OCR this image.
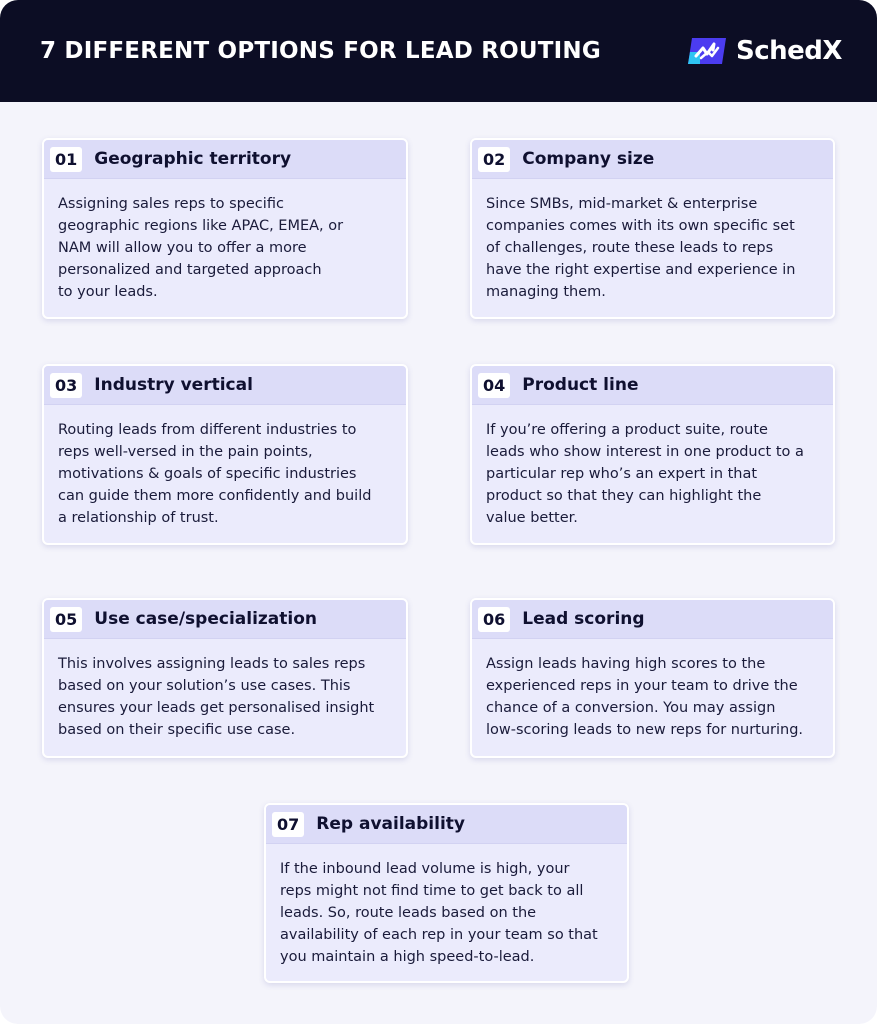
7 DIFFERENT OPTIONS FOR LEAD ROUTING	SchedX
01 Geographic territory
Assigning sales reps to specific
geographic regions like APAC, EMEA, or
NAM will allow you to offer a more
personalized and targeted approach
to your leads.
02 Company size
Since SMBs, mid-market & enterprise
companies comes with its own specific set
of challenges, route these leads to reps
have the right expertise and experience in
managing them.
03 Industry vertical
Routing leads from different industries to
reps well-versed in the pain points,
motivations & goals of specific industries
can guide them more confidently and build
a relationship of trust.
04 Product line
If you’re offering a product suite, route
leads who show interest in one product to a
particular rep who’s an expert in that
product so that they can highlight the
value better.
05 Use case/specialization
This involves assigning leads to sales reps
based on your solution’s use cases. This
ensures your leads get personalised insight
based on their specific use case.
06 Lead scoring
Assign leads having high scores to the
experienced reps in your team to drive the
chance of a conversion. You may assign
low-scoring leads to new reps for nurturing.
07 Rep availability
If the inbound lead volume is high, your
reps might not find time to get back to all
leads. So, route leads based on the
availability of each rep in your team so that
you maintain a high speed-to-lead.
